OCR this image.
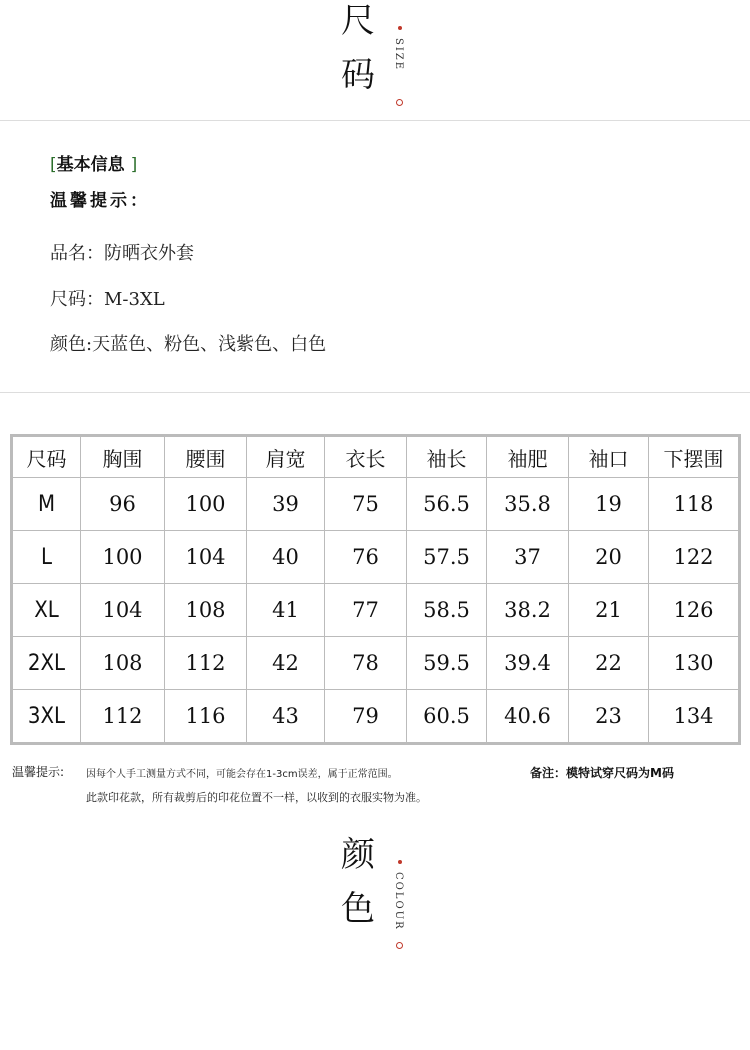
尺
码
SIZE
[基本信息 ]
温馨提示：
品名：防晒衣外套
尺码：M-3XL
颜色:天蓝色、粉色、浅紫色、白色
尺码	胸围	腰围	肩宽	衣长	袖长	袖肥	袖口	下摆围
M	96	100	39	75	56.5	35.8	19	118
L	100	104	40	76	57.5	37	20	122
XL	104	108	41	77	58.5	38.2	21	126
2XL	108	112	42	78	59.5	39.4	22	130
3XL	112	116	43	79	60.5	40.6	23	134
温馨提示: 因每个人手工测量方式不同，可能会存在1-3cm误差，属于正常范围。	备注：模特试穿尺码为M码
此款印花款，所有裁剪后的印花位置不一样，以收到的衣服实物为准。
颜
色 COLOUR
